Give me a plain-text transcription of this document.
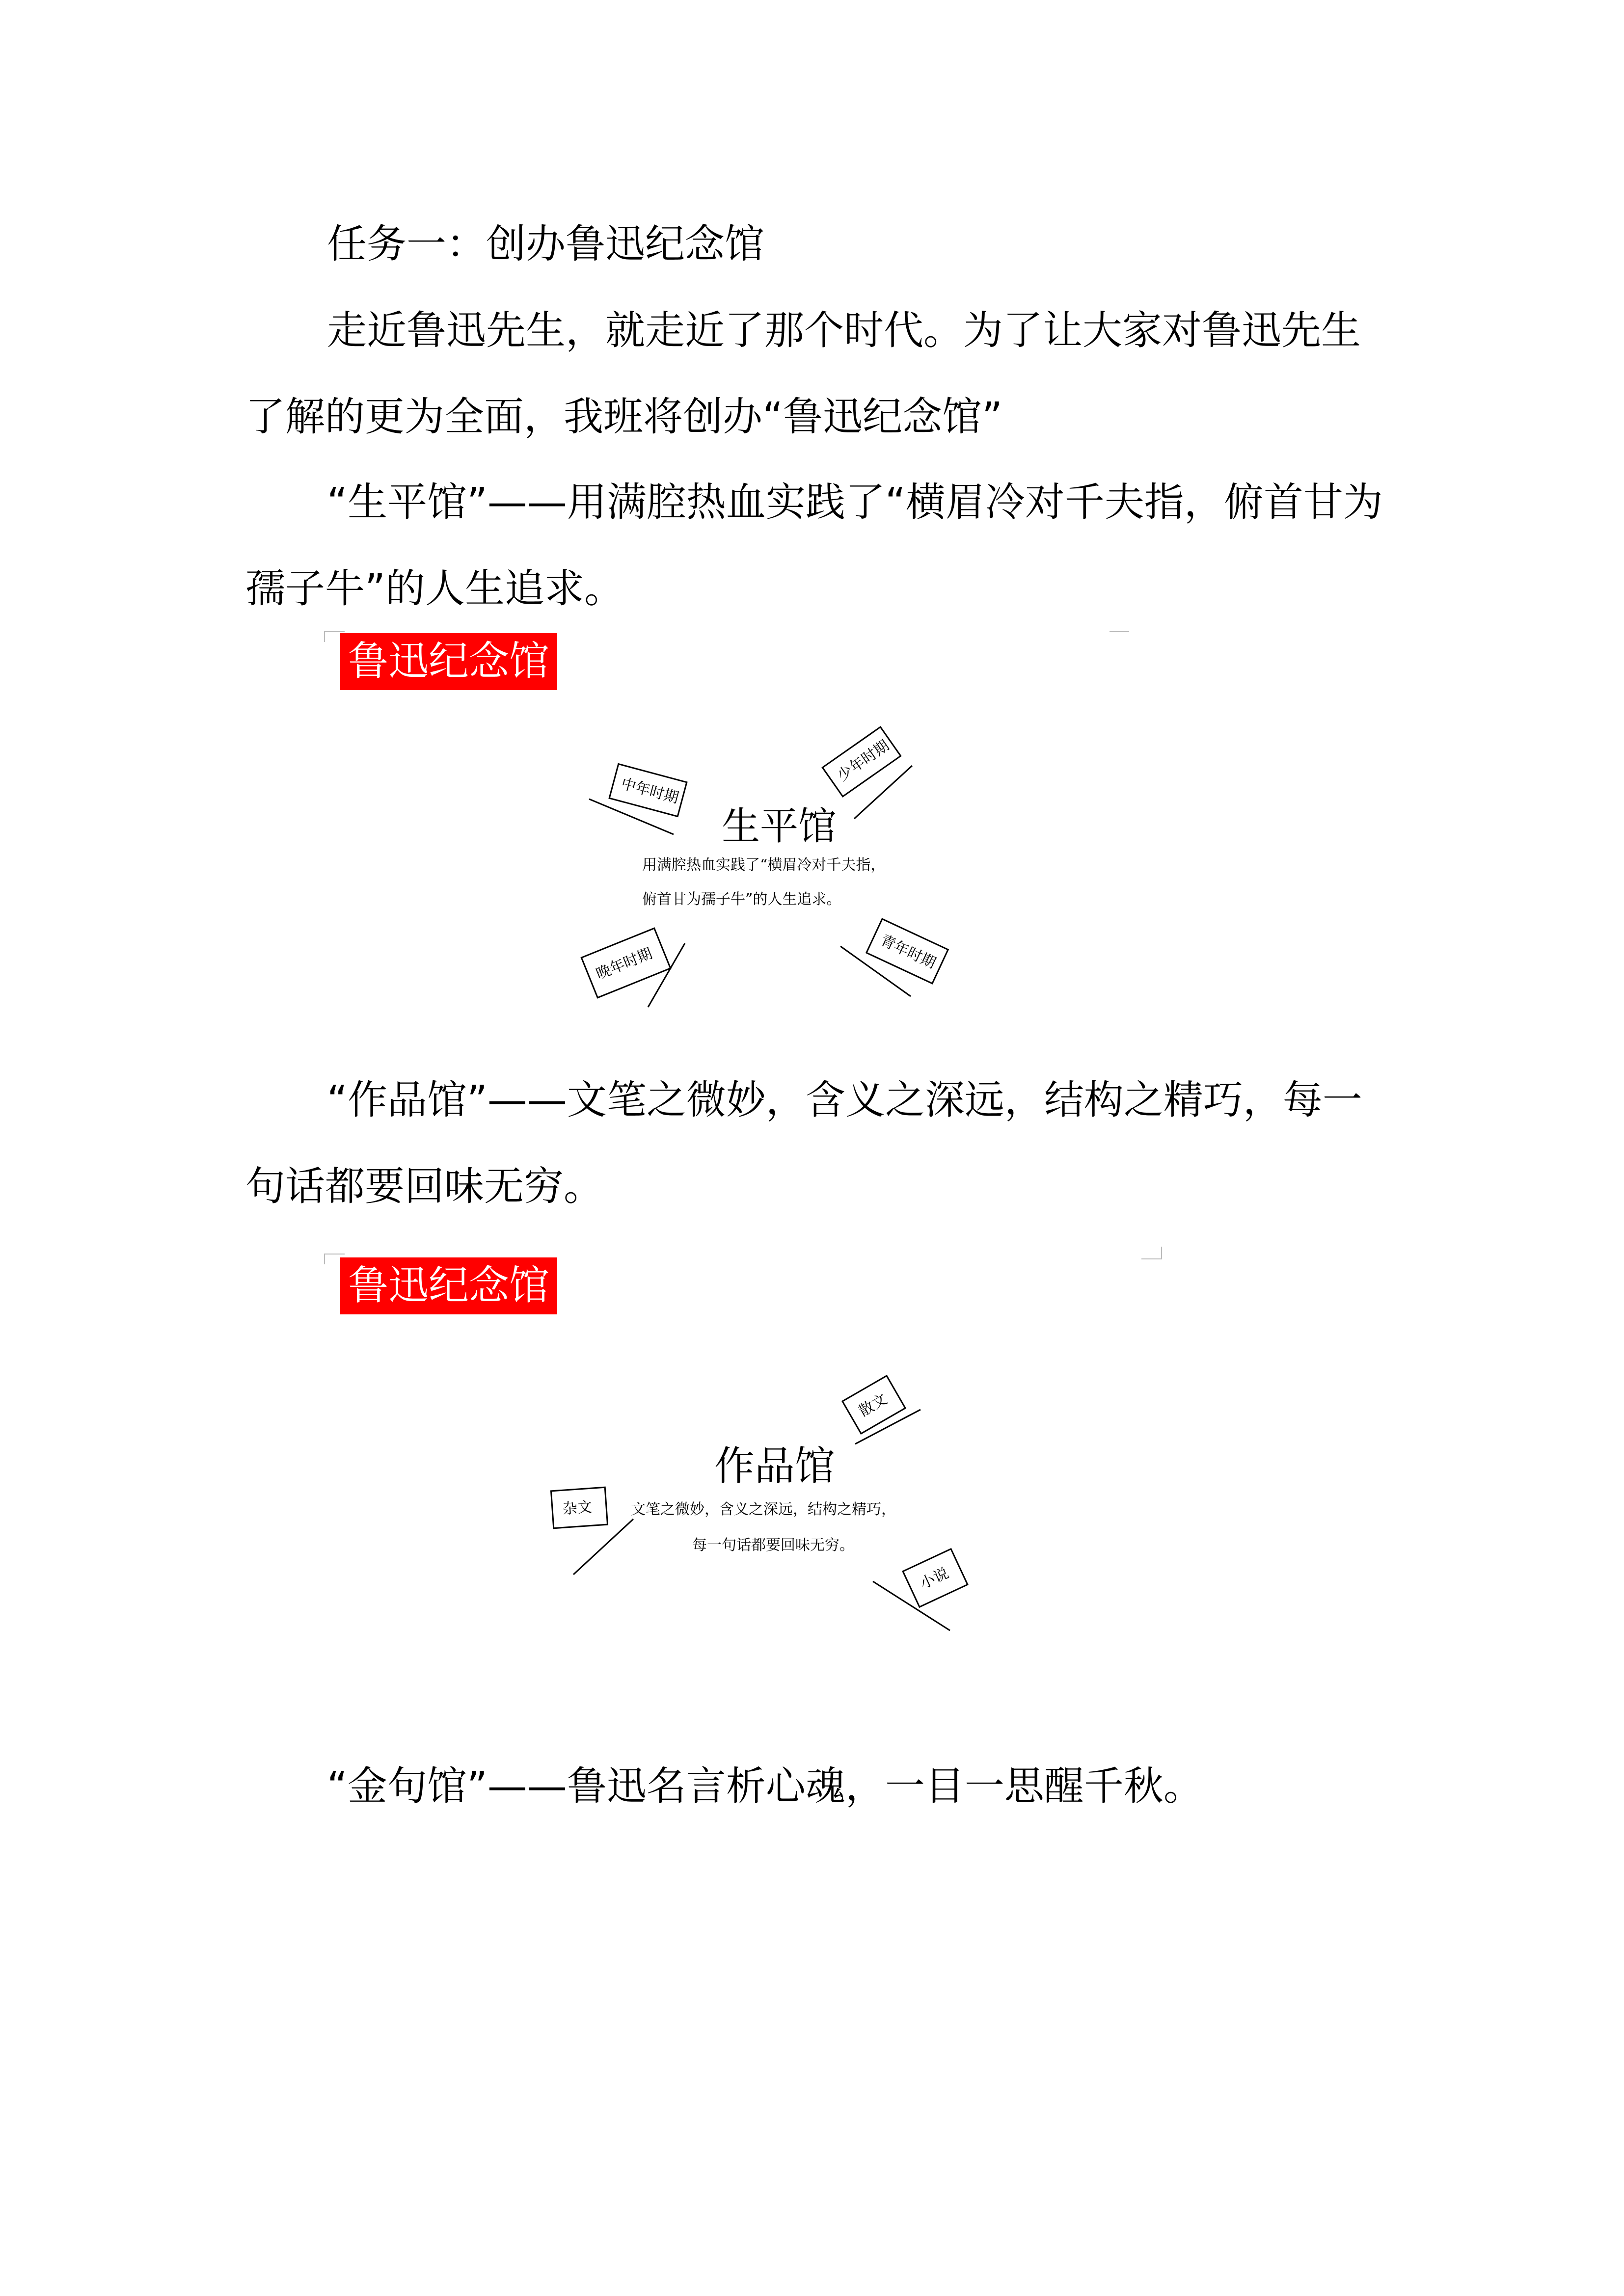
任务一：创办鲁迅纪念馆

走近鲁迅先生，就走近了那个时代。为了让大家对鲁迅先生了解的更为全面，我班将创办“鲁迅纪念馆”

“生平馆”——用满腔热血实践了“横眉冷对千夫指，俯首甘为孺子牛”的人生追求。

鲁迅纪念馆
生平馆
用满腔热血实践了“横眉冷对千夫指，
俯首甘为孺子牛”的人生追求。
中年时期
少年时期
晚年时期	青年时期

“作品馆”——文笔之微妙，含义之深远，结构之精巧，每一句话都要回味无穷。

鲁迅纪念馆
作品馆
文笔之微妙，含义之深远，结构之精巧，
每一句话都要回味无穷。
散文
杂文
小说

“金句馆”——鲁迅名言析心魂，一目一思醒千秋。
